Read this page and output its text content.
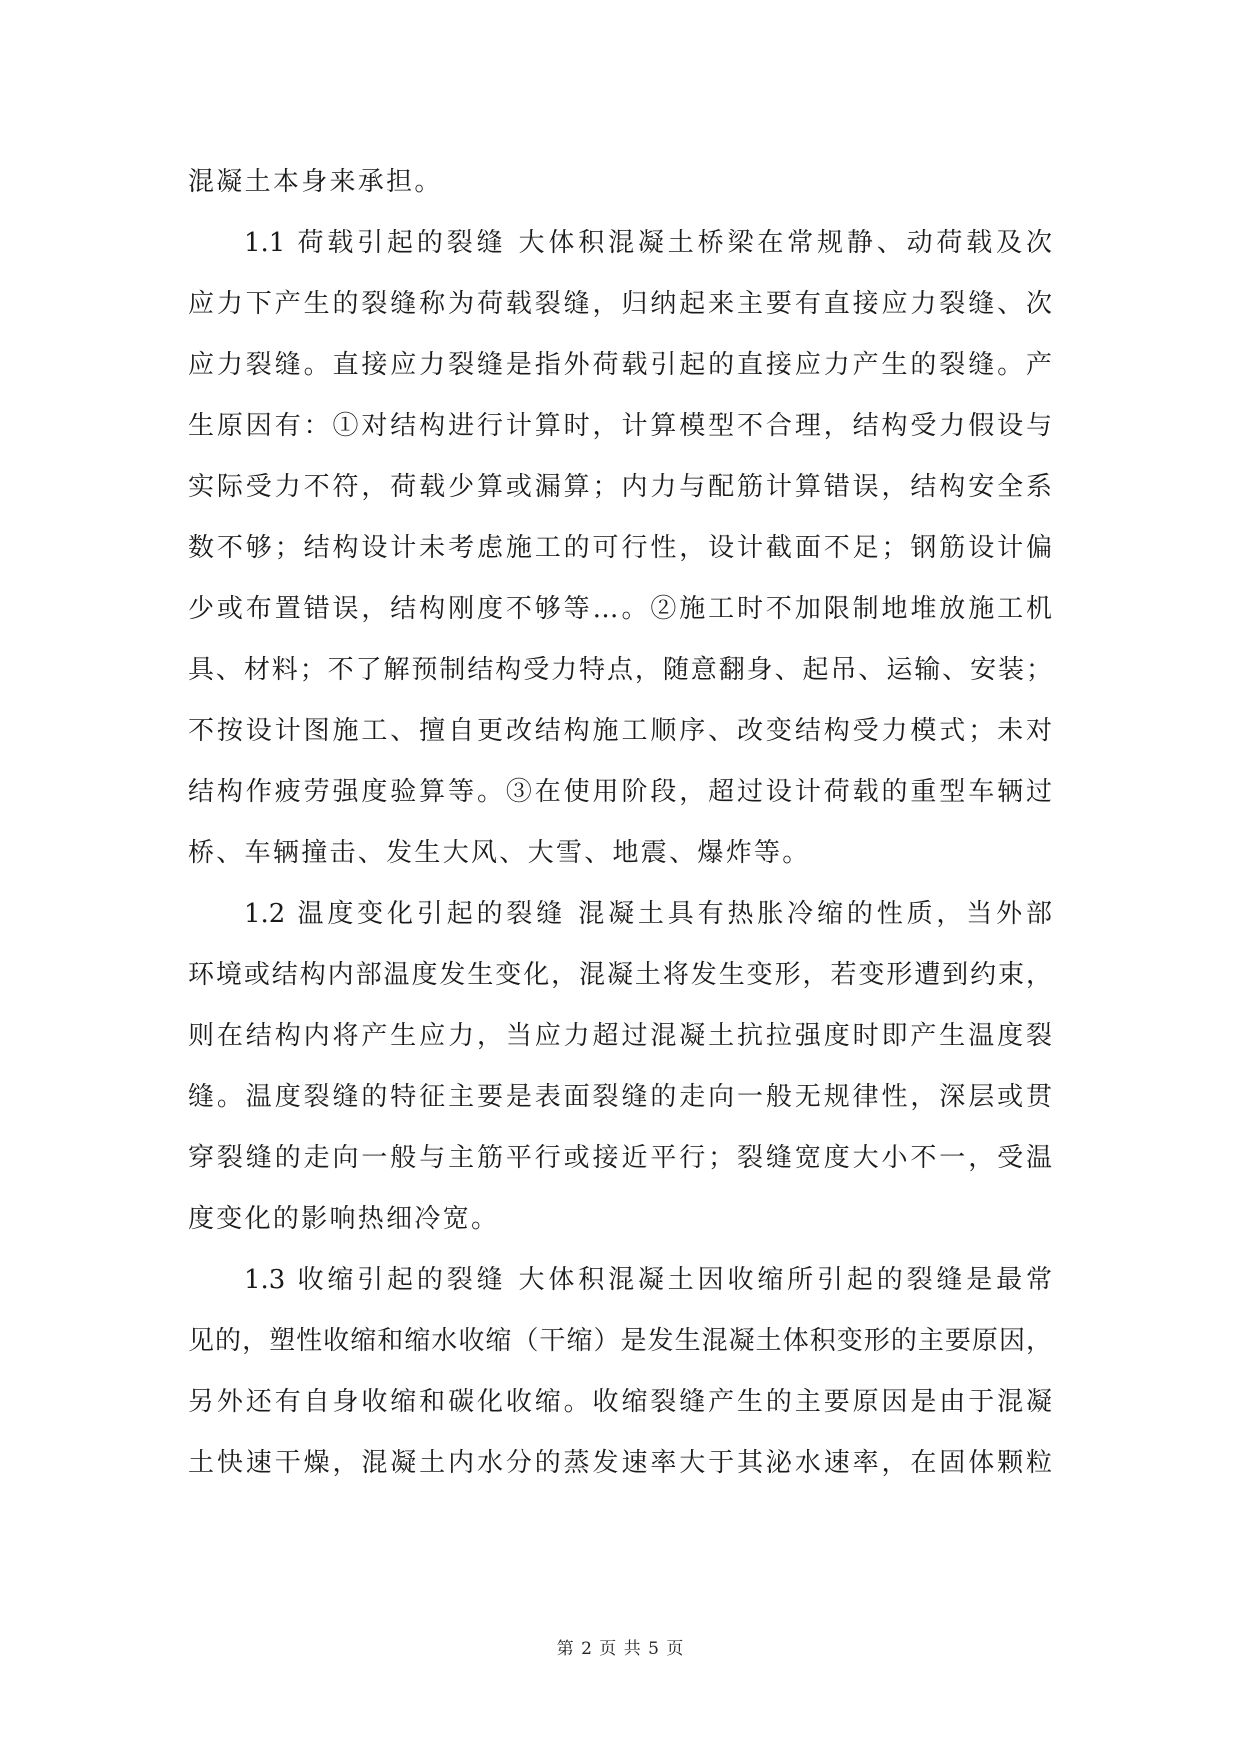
混凝土本身来承担。
1.1 荷载引起的裂缝 大体积混凝土桥梁在常规静、动荷载及次
应力下产生的裂缝称为荷载裂缝，归纳起来主要有直接应力裂缝、次
应力裂缝。直接应力裂缝是指外荷载引起的直接应力产生的裂缝。产
生原因有：①对结构进行计算时，计算模型不合理，结构受力假设与
实际受力不符，荷载少算或漏算；内力与配筋计算错误，结构安全系
数不够；结构设计未考虑施工的可行性，设计截面不足；钢筋设计偏
少或布置错误，结构刚度不够等…。②施工时不加限制地堆放施工机
具、材料；不了解预制结构受力特点，随意翻身、起吊、运输、安装；
不按设计图施工、擅自更改结构施工顺序、改变结构受力模式；未对
结构作疲劳强度验算等。③在使用阶段，超过设计荷载的重型车辆过
桥、车辆撞击、发生大风、大雪、地震、爆炸等。
1.2 温度变化引起的裂缝 混凝土具有热胀冷缩的性质，当外部
环境或结构内部温度发生变化，混凝土将发生变形，若变形遭到约束，
则在结构内将产生应力，当应力超过混凝土抗拉强度时即产生温度裂
缝。温度裂缝的特征主要是表面裂缝的走向一般无规律性，深层或贯
穿裂缝的走向一般与主筋平行或接近平行；裂缝宽度大小不一，受温
度变化的影响热细冷宽。
1.3 收缩引起的裂缝 大体积混凝土因收缩所引起的裂缝是最常
见的，塑性收缩和缩水收缩（干缩）是发生混凝土体积变形的主要原因，
另外还有自身收缩和碳化收缩。收缩裂缝产生的主要原因是由于混凝
土快速干燥，混凝土内水分的蒸发速率大于其泌水速率，在固体颗粒
第 2 页 共 5 页
